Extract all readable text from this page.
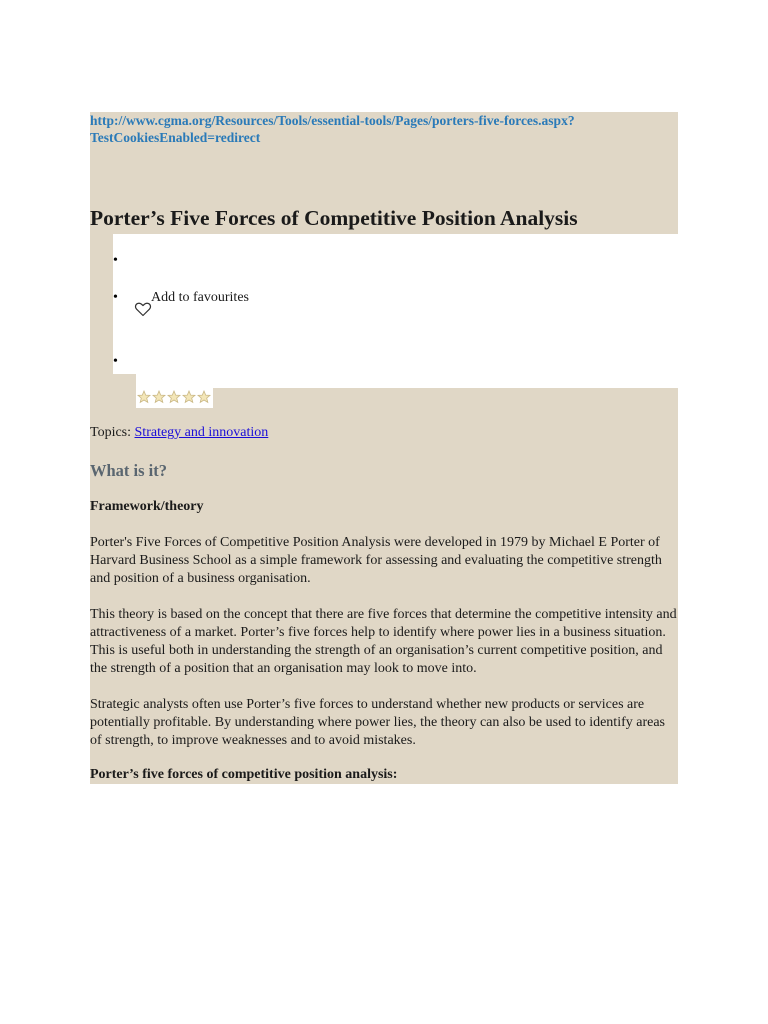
http://www.cgma.org/Resources/Tools/essential-tools/Pages/porters-five-forces.aspx?
TestCookiesEnabled=redirect
Porter’s Five Forces of Competitive Position Analysis
•
•
•
Add to favourites

Topics: Strategy and innovation

What is it?
Framework/theory

Porter's Five Forces of Competitive Position Analysis were developed in 1979 by Michael E Porter of Harvard Business School as a simple framework for assessing and evaluating the competitive strength and position of a business organisation.

This theory is based on the concept that there are five forces that determine the competitive intensity and attractiveness of a market. Porter’s five forces help to identify where power lies in a business situation. This is useful both in understanding the strength of an organisation’s current competitive position, and the strength of a position that an organisation may look to move into.

Strategic analysts often use Porter’s five forces to understand whether new products or services are potentially profitable. By understanding where power lies, the theory can also be used to identify areas of strength, to improve weaknesses and to avoid mistakes.

Porter’s five forces of competitive position analysis:
